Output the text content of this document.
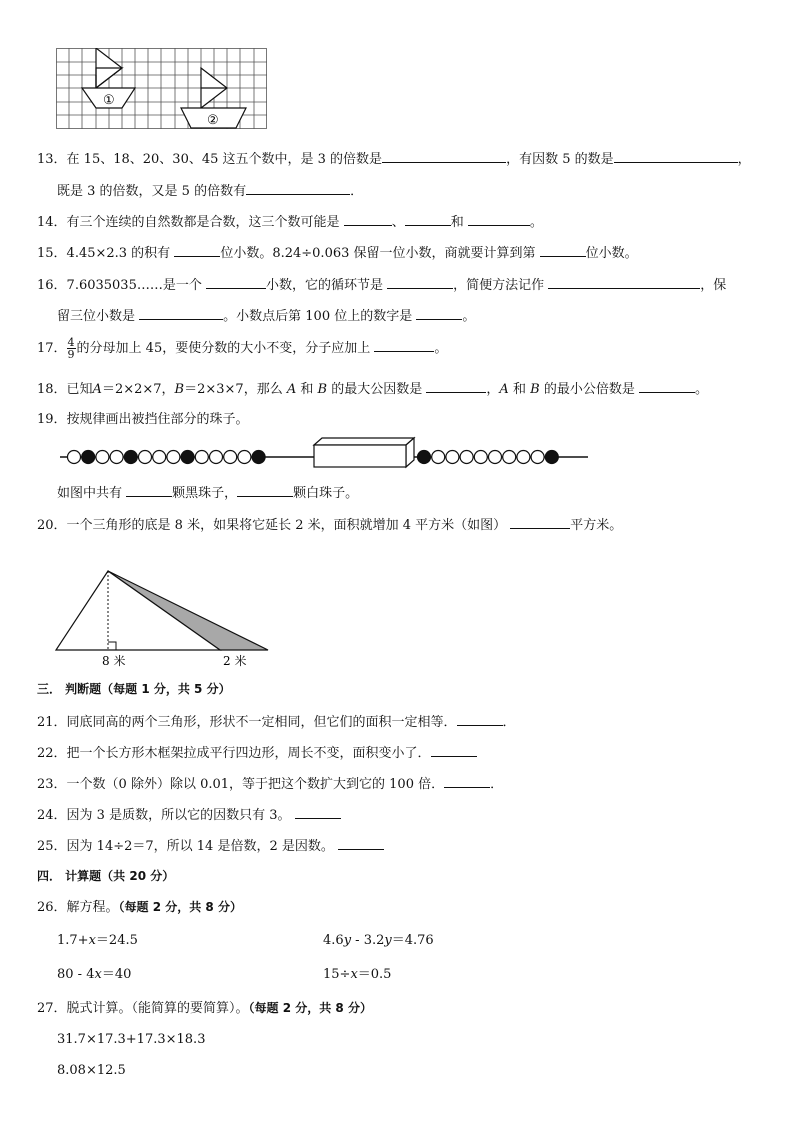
①
②
13．在 15、18、20、30、45 这五个数中，是 3 的倍数是	，有因数 5 的数是	，
既是 3 的倍数，又是 5 的倍数有	．
14．有三个连续的自然数都是合数，这三个数可能是	、	和	。
15．4.45×2.3 的积有	位小数。8.24÷0.063 保留一位小数，商就要计算到第	位小数。
16．7.6035035……是一个	小数，它的循环节是	，简便方法记作	，保
留三位小数是	。小数点后第 100 位上的数字是	。
17． $\frac{4}{9}$ 的分母加上 45，要使分数的大小不变，分子应加上	。
18．已知A＝2×2×7，B＝2×3×7，那么 A 和 B 的最大公因数是	，A 和 B 的最小公倍数是	。
19．按规律画出被挡住部分的珠子。
如图中共有	颗黑珠子，	颗白珠子。
20．一个三角形的底是 8 米，如果将它延长 2 米，面积就增加 4 平方米（如图）	平方米。
8 米	2 米
三． 判断题（每题 1 分，共 5 分）
21．同底同高的两个三角形，形状不一定相同，但它们的面积一定相等．	．
22．把一个长方形木框架拉成平行四边形，周长不变，面积变小了．
23．一个数（0 除外）除以 0.01，等于把这个数扩大到它的 100 倍．	．
24．因为 3 是质数，所以它的因数只有 3。
25．因为 14÷2＝7，所以 14 是倍数，2 是因数。
四． 计算题（共 20 分）
26．解方程。（每题 2 分，共 8 分）
1.7+x＝24.5	4.6y - 3.2y＝4.76
80 - 4x＝40	15÷x＝0.5
27．脱式计算。（能简算的要简算）。（每题 2 分，共 8 分）
31.7×17.3+17.3×18.3
8.08×12.5
